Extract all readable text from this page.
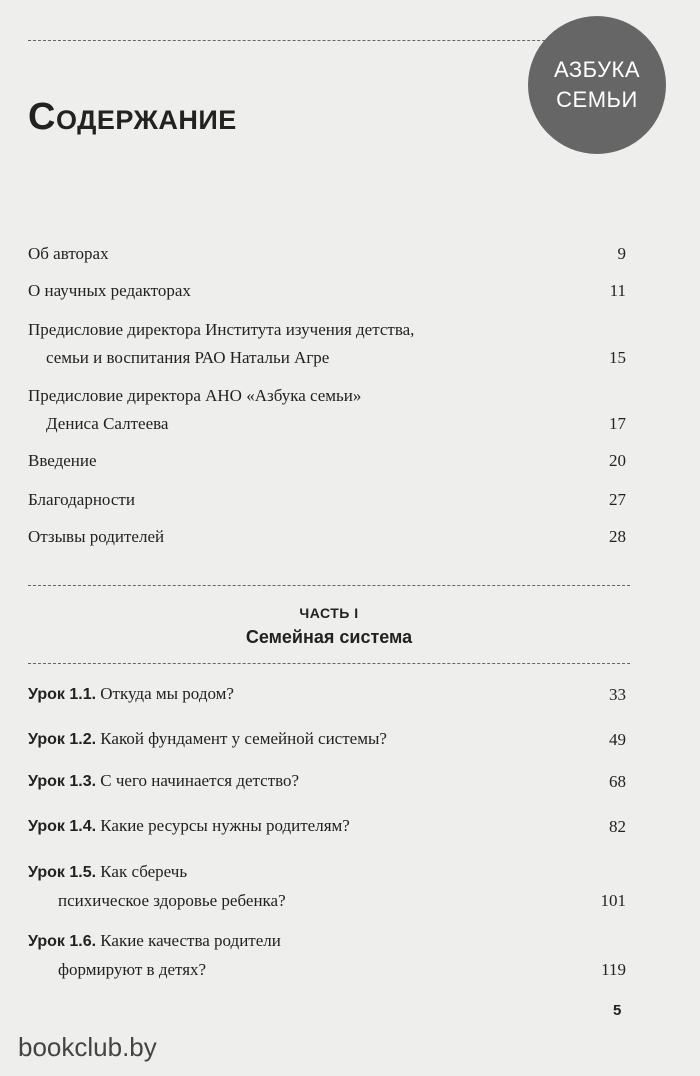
АЗБУКА
СЕМЬИ
Содержание
Об авторах	9
О научных редакторах	11
Предисловие директора Института изучения детства,
семьи и воспитания РАО Натальи Агре	15
Предисловие директора АНО «Азбука семьи»
Дениса Салтеева	17
Введение	20
Благодарности	27
Отзывы родителей	28
ЧАСТЬ I
Семейная система
Урок 1.1. Откуда мы родом?	33
Урок 1.2. Какой фундамент у семейной системы?	49
Урок 1.3. С чего начинается детство?	68
Урок 1.4. Какие ресурсы нужны родителям?	82
Урок 1.5. Как сберечь
психическое здоровье ребенка?	101
Урок 1.6. Какие качества родители
формируют в детях?	119
5
bookclub.by
